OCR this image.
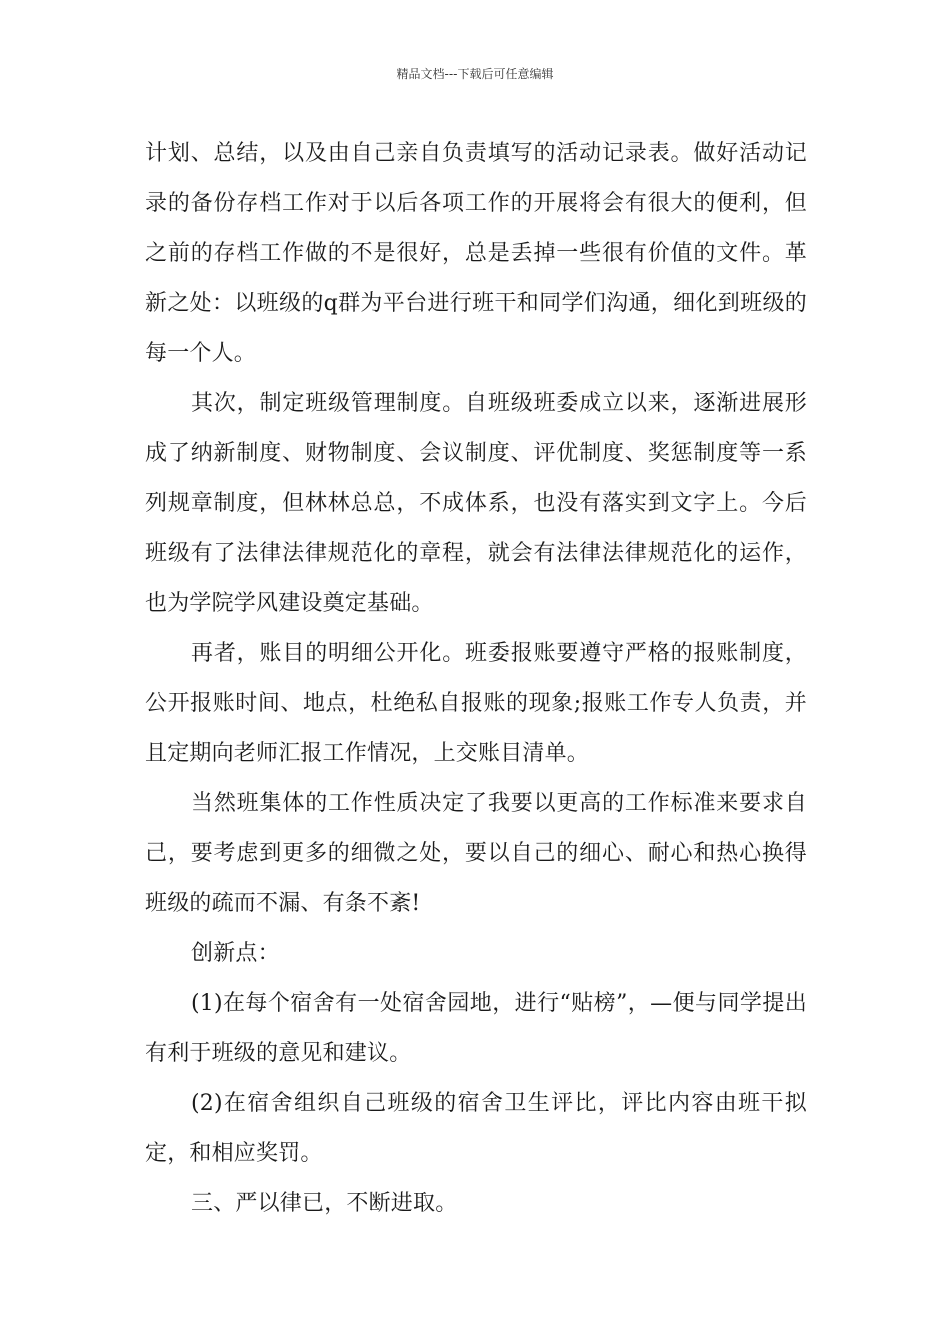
精品文档---下载后可任意编辑

计划、总结，以及由自己亲自负责填写的活动记录表。做好活动记录的备份存档工作对于以后各项工作的开展将会有很大的便利，但之前的存档工作做的不是很好，总是丢掉一些很有价值的文件。革新之处：以班级的q群为平台进行班干和同学们沟通，细化到班级的每一个人。

其次，制定班级管理制度。自班级班委成立以来，逐渐进展形成了纳新制度、财物制度、会议制度、评优制度、奖惩制度等一系列规章制度，但林林总总，不成体系，也没有落实到文字上。今后班级有了法律法律规范化的章程，就会有法律法律规范化的运作，也为学院学风建设奠定基础。

再者，账目的明细公开化。班委报账要遵守严格的报账制度，公开报账时间、地点，杜绝私自报账的现象;报账工作专人负责，并且定期向老师汇报工作情况，上交账目清单。

当然班集体的工作性质决定了我要以更高的工作标准来要求自己，要考虑到更多的细微之处，要以自己的细心、耐心和热心换得班级的疏而不漏、有条不紊!

创新点：

(1)在每个宿舍有一处宿舍园地，进行“贴榜”，—便与同学提出有利于班级的意见和建议。

(2)在宿舍组织自己班级的宿舍卫生评比，评比内容由班干拟定，和相应奖罚。

三、严以律已，不断进取。
